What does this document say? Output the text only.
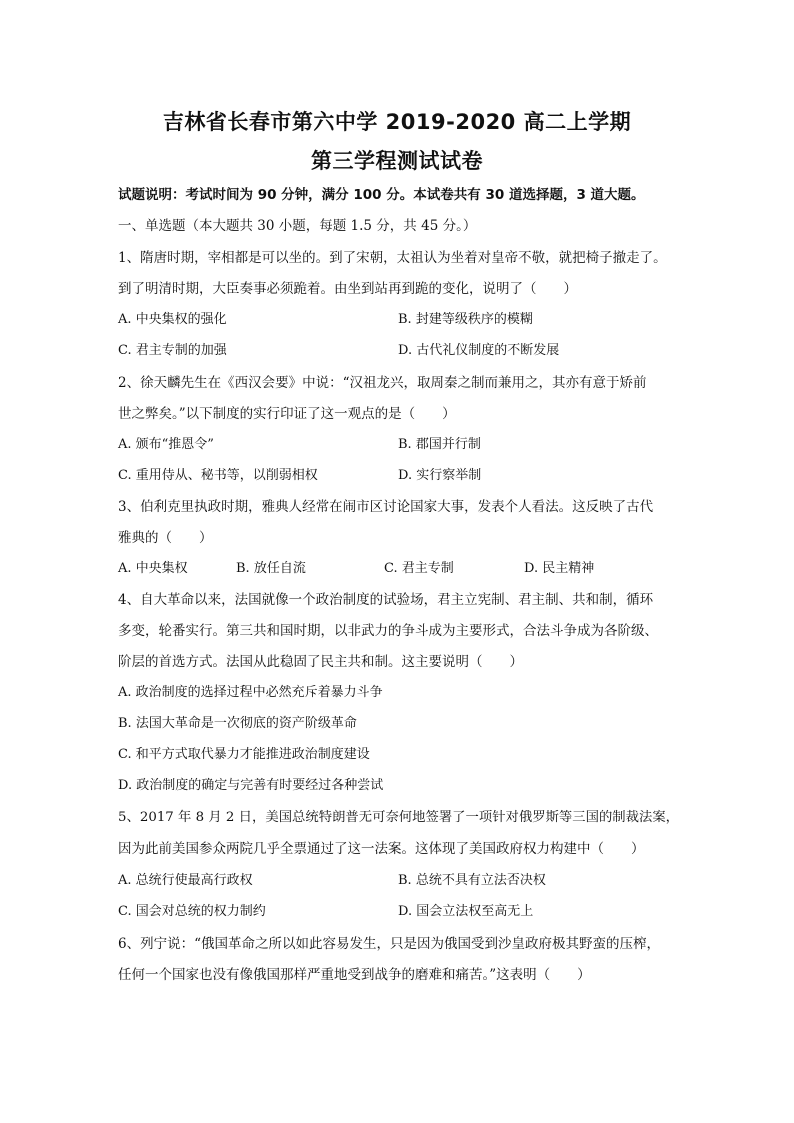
吉林省长春市第六中学 2019-2020 高二上学期
第三学程测试试卷
试题说明：考试时间为 90 分钟，满分 100 分。本试卷共有 30 道选择题，3 道大题。
一、单选题（本大题共 30 小题，每题 1.5 分，共 45 分。）
1、隋唐时期，宰相都是可以坐的。到了宋朝，太祖认为坐着对皇帝不敬，就把椅子撤走了。
到了明清时期，大臣奏事必须跪着。由坐到站再到跪的变化，说明了（　　）
A. 中央集权的强化	B. 封建等级秩序的模糊
C. 君主专制的加强	D. 古代礼仪制度的不断发展
2、徐天麟先生在《西汉会要》中说：“汉祖龙兴，取周秦之制而兼用之，其亦有意于矫前
世之弊矣。”以下制度的实行印证了这一观点的是（　　）
A. 颁布“推恩令”	B. 郡国并行制
C. 重用侍从、秘书等，以削弱相权	D. 实行察举制
3、伯利克里执政时期，雅典人经常在闹市区讨论国家大事，发表个人看法。这反映了古代
雅典的（　　）
A. 中央集权	B. 放任自流	C. 君主专制	D. 民主精神
4、自大革命以来，法国就像一个政治制度的试验场，君主立宪制、君主制、共和制，循环
多变，轮番实行。第三共和国时期，以非武力的争斗成为主要形式，合法斗争成为各阶级、
阶层的首选方式。法国从此稳固了民主共和制。这主要说明（　　）
A. 政治制度的选择过程中必然充斥着暴力斗争
B. 法国大革命是一次彻底的资产阶级革命
C. 和平方式取代暴力才能推进政治制度建设
D. 政治制度的确定与完善有时要经过各种尝试
5、2017 年 8 月 2 日，美国总统特朗普无可奈何地签署了一项针对俄罗斯等三国的制裁法案，
因为此前美国参众两院几乎全票通过了这一法案。这体现了美国政府权力构建中（　　）
A. 总统行使最高行政权	B. 总统不具有立法否决权
C. 国会对总统的权力制约	D. 国会立法权至高无上
6、列宁说：“俄国革命之所以如此容易发生，只是因为俄国受到沙皇政府极其野蛮的压榨，
任何一个国家也没有像俄国那样严重地受到战争的磨难和痛苦。”这表明（　　）
